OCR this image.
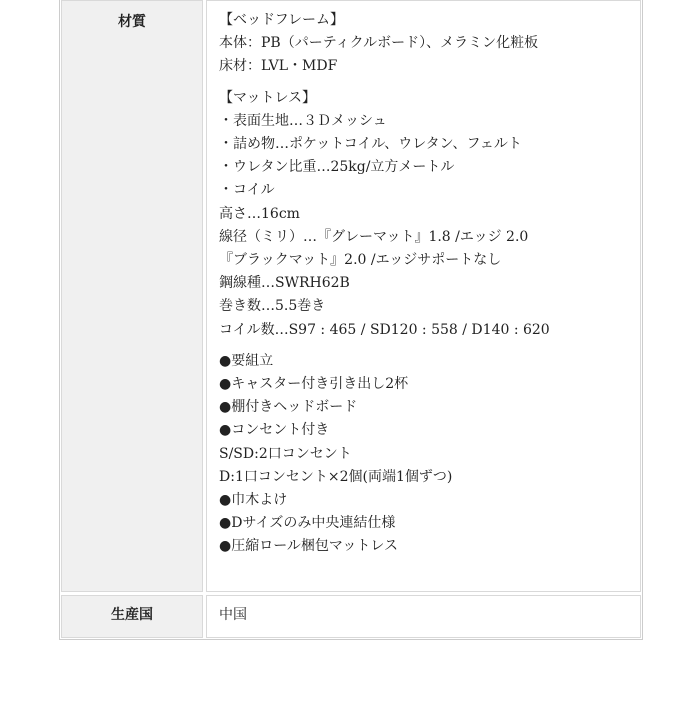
材質	【ベッドフレーム】
本体：PB（パーティクルボード）、メラミン化粧板
床材：LVL・MDF
【マットレス】
・表面生地…３Ｄメッシュ
・詰め物…ポケットコイル、ウレタン、フェルト
・ウレタン比重…25kg/立方メートル
・コイル
高さ…16cm
線径（ミリ）…『グレーマット』1.8 /エッジ 2.0
『ブラックマット』2.0 /エッジサポートなし
鋼線種…SWRH62B
巻き数…5.5巻き
コイル数…S97 : 465 / SD120 : 558 / D140 : 620
●要組立
●キャスター付き引き出し2杯
●棚付きヘッドボード
●コンセント付き
S/SD:2口コンセント
D:1口コンセント×2個(両端1個ずつ)
●巾木よけ
●Dサイズのみ中央連結仕様
●圧縮ロール梱包マットレス
生産国	中国
